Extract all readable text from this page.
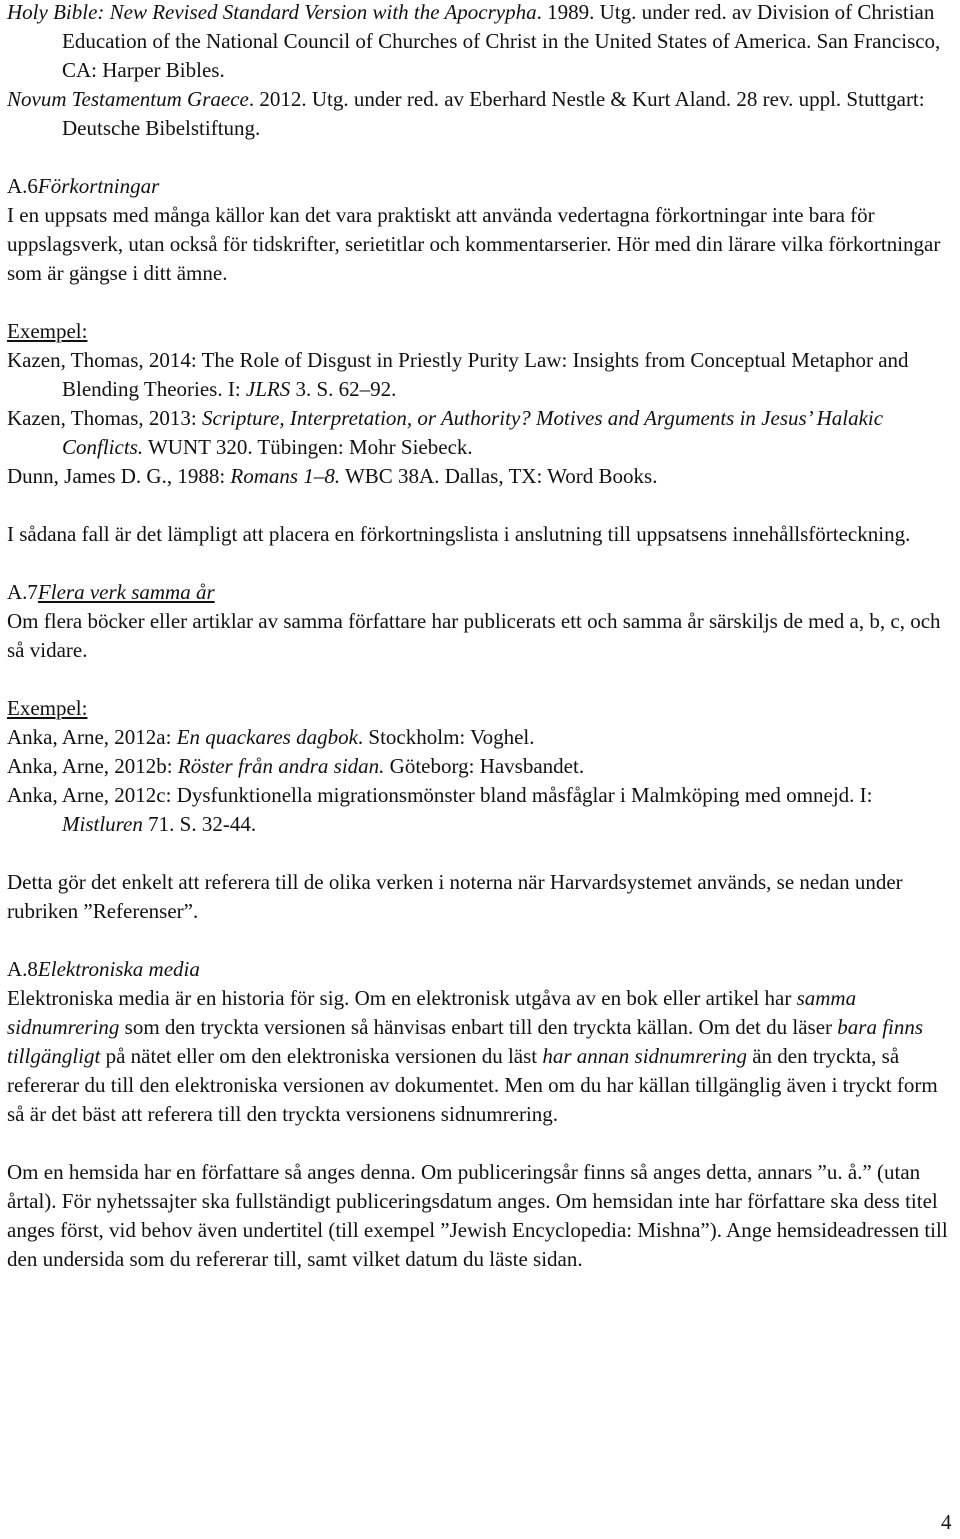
Holy Bible: New Revised Standard Version with the Apocrypha. 1989. Utg. under red. av Division of Christian Education of the National Council of Churches of Christ in the United States of America. San Francisco, CA: Harper Bibles.

Novum Testamentum Graece. 2012. Utg. under red. av Eberhard Nestle & Kurt Aland. 28 rev. uppl. Stuttgart: Deutsche Bibelstiftung.

A.6Förkortningar

I en uppsats med många källor kan det vara praktiskt att använda vedertagna förkortningar inte bara för uppslagsverk, utan också för tidskrifter, serietitlar och kommentarserier. Hör med din lärare vilka förkortningar som är gängse i ditt ämne.

Exempel:

Kazen, Thomas, 2014: The Role of Disgust in Priestly Purity Law: Insights from Conceptual Metaphor and Blending Theories. I: JLRS 3. S. 62–92.

Kazen, Thomas, 2013: Scripture, Interpretation, or Authority? Motives and Arguments in Jesus’ Halakic Conflicts. WUNT 320. Tübingen: Mohr Siebeck.

Dunn, James D. G., 1988: Romans 1–8. WBC 38A. Dallas, TX: Word Books.

I sådana fall är det lämpligt att placera en förkortningslista i anslutning till uppsatsens innehållsförteckning.

A.7Flera verk samma år

Om flera böcker eller artiklar av samma författare har publicerats ett och samma år särskiljs de med a, b, c, och så vidare.

Exempel:

Anka, Arne, 2012a: En quackares dagbok. Stockholm: Voghel.

Anka, Arne, 2012b: Röster från andra sidan. Göteborg: Havsbandet.

Anka, Arne, 2012c: Dysfunktionella migrationsmönster bland måsfåglar i Malmköping med omnejd. I: Mistluren 71. S. 32-44.

Detta gör det enkelt att referera till de olika verken i noterna när Harvardsystemet används, se nedan under rubriken ”Referenser”.

A.8Elektroniska media

Elektroniska media är en historia för sig. Om en elektronisk utgåva av en bok eller artikel har samma sidnumrering som den tryckta versionen så hänvisas enbart till den tryckta källan. Om det du läser bara finns tillgängligt på nätet eller om den elektroniska versionen du läst har annan sidnumrering än den tryckta, så refererar du till den elektroniska versionen av dokumentet. Men om du har källan tillgänglig även i tryckt form så är det bäst att referera till den tryckta versionens sidnumrering.

Om en hemsida har en författare så anges denna. Om publiceringsår finns så anges detta, annars ”u. å.” (utan årtal). För nyhetssajter ska fullständigt publiceringsdatum anges. Om hemsidan inte har författare ska dess titel anges först, vid behov även undertitel (till exempel ”Jewish Encyclopedia: Mishna”). Ange hemsideadressen till den undersida som du refererar till, samt vilket datum du läste sidan.

4
